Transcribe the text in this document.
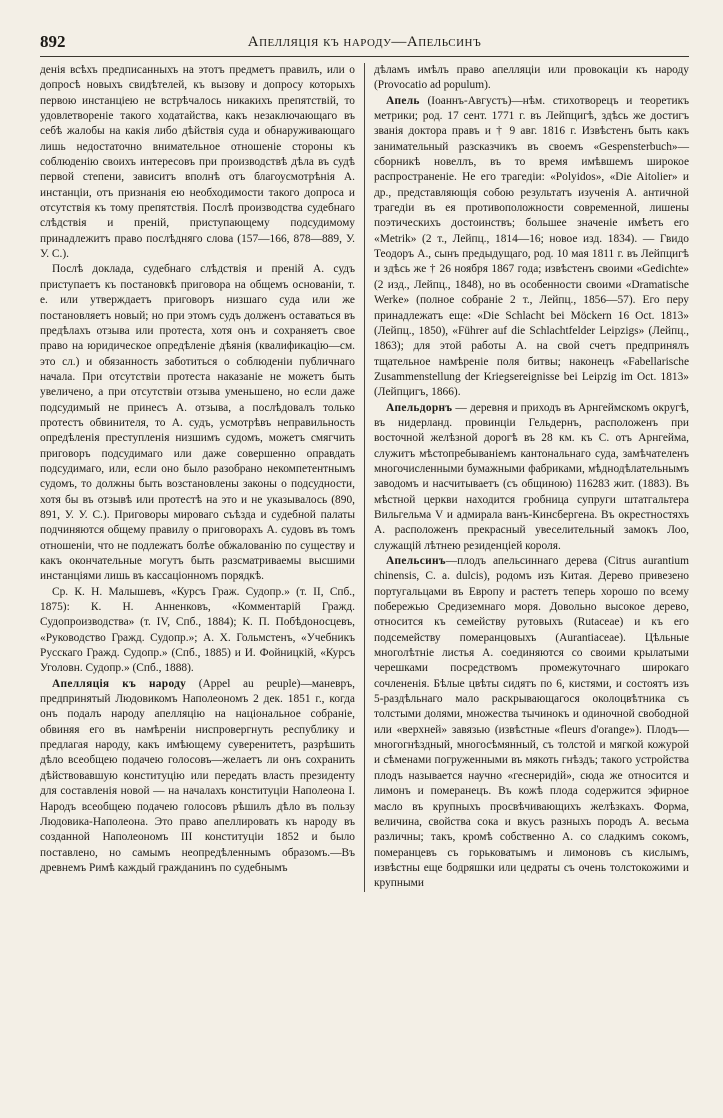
892	Апелляція къ народу—Апельсинъ

денія всѣхъ предписанныхъ на этотъ предметъ правилъ, или о допросѣ новыхъ свидѣтелей, къ вызову и допросу которыхъ первою инстанціею не встрѣчалось никакихъ препятствій, то удовлетвореніе такого ходатайства, какъ незаключающаго въ себѣ жалобы на какія либо дѣйствія суда и обнаруживающаго лишь недостаточно внимательное отношеніе стороны къ соблюденію своихъ интересовъ при производствѣ дѣла въ судѣ первой степени, зависитъ вполнѣ отъ благоусмотрѣнія А. инстанціи, отъ признанія ею необходимости такого допроса и отсутствія къ тому препятствія. Послѣ производства судебнаго слѣдствія и преній, приступающему подсудимому принадлежитъ право послѣдняго слова (157—166, 878—889, У. У. С.).

Послѣ доклада, судебнаго слѣдствія и преній А. судъ приступаетъ къ постановкѣ приговора на общемъ основаніи, т. е. или утверждаетъ приговоръ низшаго суда или же постановляетъ новый; но при этомъ судъ долженъ оставаться въ предѣлахъ отзыва или протеста, хотя онъ и сохраняетъ свое право на юридическое опредѣленіе дѣянія (квалификацію—см. это сл.) и обязанность заботиться о соблюденіи публичнаго начала. При отсутствіи протеста наказаніе не можетъ быть увеличено, а при отсутствіи отзыва уменьшено, но если даже подсудимый не принесъ А. отзыва, а послѣдовалъ только протестъ обвинителя, то А. судъ, усмотрѣвъ неправильность опредѣленія преступленія низшимъ судомъ, можетъ смягчить приговоръ подсудимаго или даже совершенно оправдать подсудимаго, или, если оно было разобрано некомпетентнымъ судомъ, то должны быть возстановлены законы о подсудности, хотя бы въ отзывѣ или протестѣ на это и не указывалось (890, 891, У. У. С.). Приговоры мироваго съѣзда и судебной палаты подчиняются общему правилу о приговорахъ А. судовъ въ томъ отношеніи, что не подлежатъ болѣе обжалованію по существу и какъ окончательные могутъ быть разсматриваемы высшими инстанціями лишь въ кассаціонномъ порядкѣ.

Ср. К. Н. Малышевъ, «Курсъ Граж. Судопр.» (т. II, Спб., 1875): К. Н. Анненковъ, «Комментарій Гражд. Судопроизводства» (т. IV, Спб., 1884); К. П. Побѣдоносцевъ, «Руководство Гражд. Судопр.»; А. Х. Гольмстенъ, «Учебникъ Русскаго Гражд. Судопр.» (Спб., 1885) и И. Фойницкій, «Курсъ Уголовн. Судопр.» (Спб., 1888).

Апелляція къ народу (Appel au peuple)—маневръ, предпринятый Людовикомъ Наполеономъ 2 дек. 1851 г., когда онъ подалъ народу апелляцію на національное собраніе, обвиняя его въ намѣреніи ниспровергнуть республику и предлагая народу, какъ имѣющему суверенитетъ, разрѣшить дѣло всеобщею подачею голосовъ—желаетъ ли онъ сохранить дѣйствовавшую конституцію или передать власть президенту для составленія новой — на началахъ конституціи Наполеона I. Народъ всеобщею подачею голосовъ рѣшилъ дѣло въ пользу Людовика-Наполеона. Это право апеллировать къ народу въ созданной Наполеономъ III конституціи 1852 и было поставлено, но самымъ неопредѣленнымъ образомъ.—Въ древнемъ Римѣ каждый гражданинъ по судебнымъ

дѣламъ имѣлъ право апелляціи или провокаціи къ народу (Provocatio ad populum).

Апель (Іоаннъ-Августъ)—нѣм. стихотворецъ и теоретикъ метрики; род. 17 сент. 1771 г. въ Лейпцигѣ, здѣсь же достигъ званія доктора правъ и † 9 авг. 1816 г. Извѣстенъ быть какъ занимательный разсказчикъ въ своемъ «Gespensterbuch»—сборникѣ новеллъ, въ то время имѣвшемъ широкое распространеніе. Не его трагедіи: «Polyidos», «Die Aitolier» и др., представляющія собою результатъ изученія А. античной трагедіи въ ея противоположности современной, лишены поэтическихъ достоинствъ; большее значеніе имѣетъ его «Metrik» (2 т., Лейпц., 1814—16; новое изд. 1834). — Гвидо Теодоръ А., сынъ предыдущаго, род. 10 мая 1811 г. въ Лейпцигѣ и здѣсь же † 26 ноября 1867 года; извѣстенъ своими «Gedichte» (2 изд., Лейпц., 1848), но въ особенности своими «Dramatische Werke» (полное собраніе 2 т., Лейпц., 1856—57). Его перу принадлежатъ еще: «Die Schlacht bei Möckern 16 Oct. 1813» (Лейпц., 1850), «Führer auf die Schlachtfelder Leipzigs» (Лейпц., 1863); для этой работы А. на свой счетъ предпринялъ тщательное намѣреніе поля битвы; наконецъ «Fabellarische Zusammenstellung der Kriegsereignisse bei Leipzig im Oct. 1813» (Лейпцигъ, 1866).

Апельдорнъ — деревня и приходъ въ Арнгеймскомъ округѣ, въ нидерланд. провинціи Гельдернъ, расположенъ при восточной желѣзной дорогѣ въ 28 км. къ С. отъ Арнгейма, служитъ мѣстопребываніемъ кантональнаго суда, замѣчателенъ многочисленными бумажными фабриками, мѣднодѣлательнымъ заводомъ и насчитываетъ (съ общиною) 116283 жит. (1883). Въ мѣстной церкви находится гробница супруги штатгальтера Вильгельма V и адмирала ванъ-Кинсбергена. Въ окрестностяхъ А. расположенъ прекрасный увеселительный замокъ Лоо, служащій лѣтнею резиденціей короля.

Апельсинъ—плодъ апельсиннаго дерева (Citrus aurantium chinensis, C. a. dulcis), родомъ изъ Китая. Дерево привезено португальцами въ Европу и растетъ теперь хорошо по всему побережью Средиземнаго моря. Довольно высокое дерево, относится къ семейству рутовыхъ (Rutaceae) и къ его подсемейству померанцовыхъ (Aurantiaceae). Цѣльные многолѣтніе листья А. соединяются со своими крылатыми черешками посредствомъ промежуточнаго широкаго сочлененія. Бѣлые цвѣты сидятъ по 6, кистями, и состоятъ изъ 5-раздѣльнаго мало раскрывающагося околоцвѣтника съ толстыми долями, множества тычинокъ и одиночной свободной или «верхней» завязью (извѣстные «fleurs d'orange»). Плодъ—многогнѣздный, многосѣмянный, съ толстой и мягкой кожурой и сѣменами погруженными въ мякоть гнѣздъ; такого устройства плодъ называется научно «геснеридій», сюда же относится и лимонъ и померанецъ. Въ кожѣ плода содержится эфирное масло въ крупныхъ просвѣчивающихъ желѣзкахъ. Форма, величина, свойства сока и вкусъ разныхъ породъ А. весьма различны; такъ, кромѣ собственно А. со сладкимъ сокомъ, померанцевъ съ горьковатымъ и лимоновъ съ кислымъ, извѣстны еще бодряшки или цедраты съ очень толстокожими и крупными
